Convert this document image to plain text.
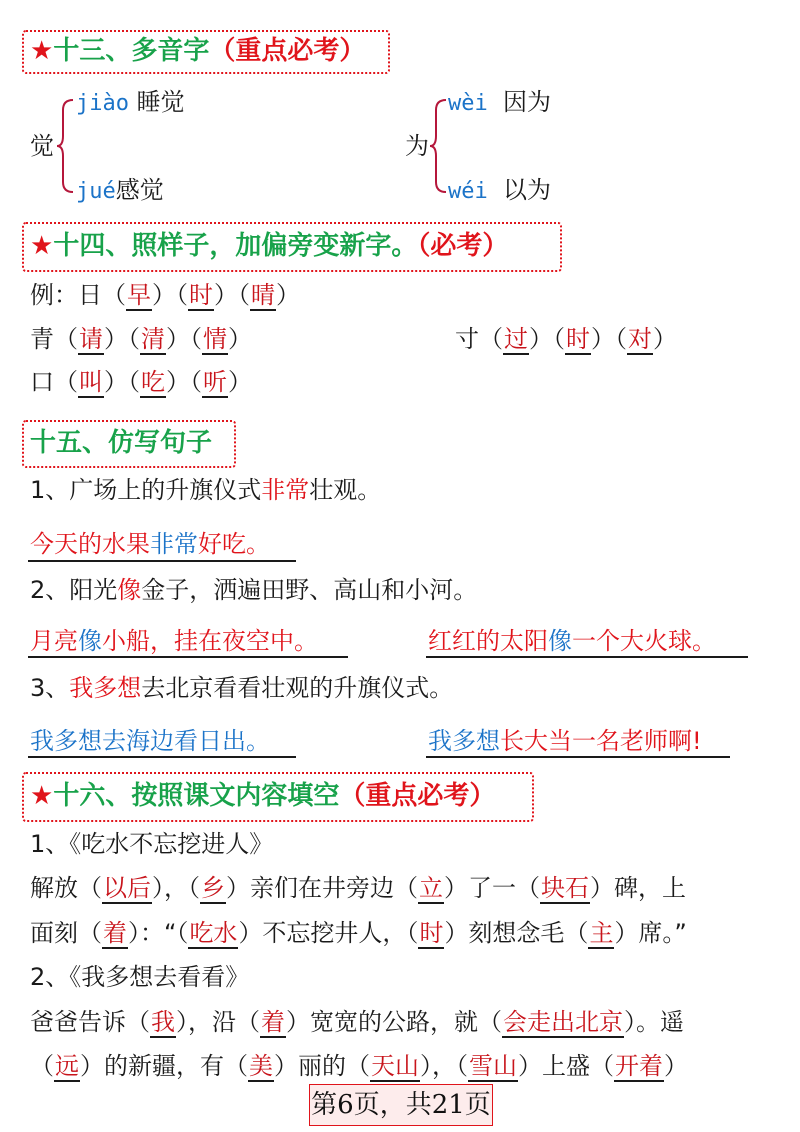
★十三、多音字（重点必考）
觉
jiào 睡觉
jué感觉
为
wèi 因为
wéi 以为
★十四、照样子，加偏旁变新字。（必考）
例：日（早）（时）（晴）
青（请）（清）（情）	寸（过）（时）（对）
口（叫）（吃）（听）
十五、仿写句子
1、广场上的升旗仪式非常壮观。
今天的水果非常好吃。
2、阳光像金子，洒遍田野、高山和小河。
月亮像小船，挂在夜空中。	红红的太阳像一个大火球。
3、我多想去北京看看壮观的升旗仪式。
我多想去海边看日出。	我多想长大当一名老师啊!
★十六、按照课文内容填空（重点必考）
1、《吃水不忘挖进人》
解放（以后），（乡）亲们在井旁边（立）了一（块石）碑，上
面刻（着）：“（吃水）不忘挖井人，（时）刻想念毛（主）席。”
2、《我多想去看看》
爸爸告诉（我），沿（着）宽宽的公路，就（会走出北京）。遥
（远）的新疆，有（美）丽的（天山），（雪山）上盛（开着）
第6页，共21页
